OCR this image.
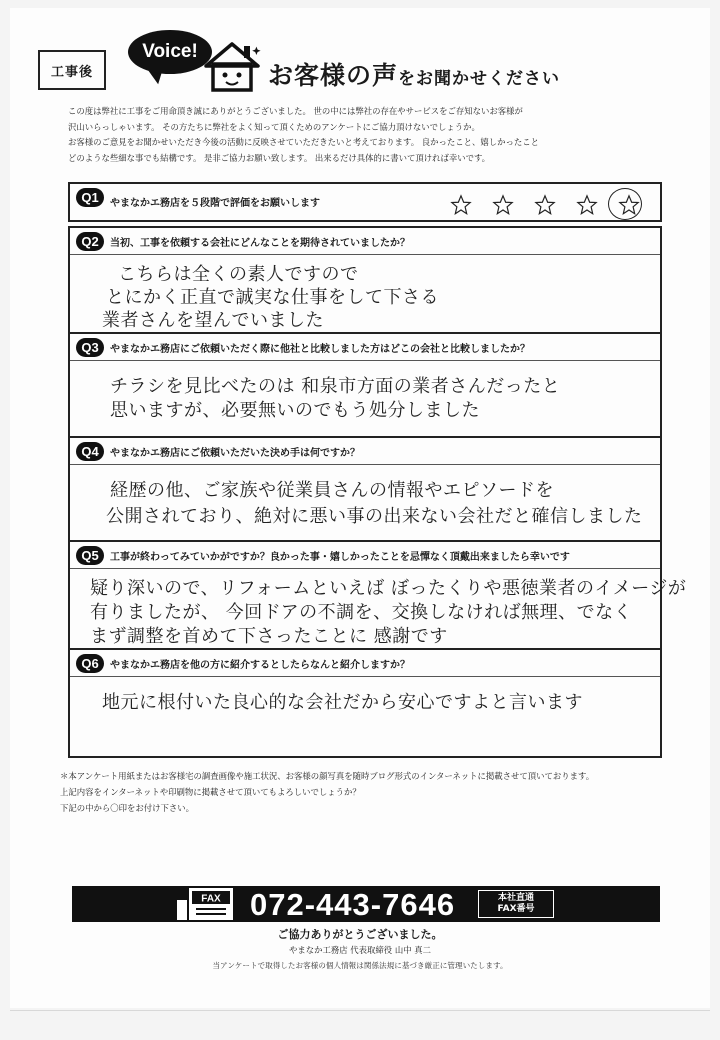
工事後
Voice!
お客様の声をお聞かせください

この度は弊社に工事をご用命頂き誠にありがとうございました。 世の中には弊社の存在やサービスをご存知ないお客様が

沢山いらっしゃいます。 その方たちに弊社をよく知って頂くためのアンケートにご協力頂けないでしょうか。

お客様のご意見をお聞かせいただき今後の活動に反映させていただきたいと考えております。 良かったこと、嬉しかったこと

どのような些細な事でも結構です。 是非ご協力お願い致します。 出来るだけ具体的に書いて頂ければ幸いです。

Q1	やまなかエ務店を５段階で評価をお願いします
Q2	当初、工事を依頼する会社にどんなことを期待されていましたか？
こちらは全くの素人ですので
とにかく正直で誠実な仕事をして下さる
業者さんを望んでいました
Q3	やまなかエ務店にご依頼いただく際に他社と比較しました方はどこの会社と比較しましたか？
チラシを見比べたのは 和泉市方面の業者さんだったと
思いますが、必要無いのでもう処分しました
Q4	やまなかエ務店にご依頼いただいた決め手は何ですか？
経歴の他、ご家族や従業員さんの情報やエピソードを
公開されており、絶対に悪い事の出来ない会社だと確信しました
Q5	工事が終わってみていかがですか？良かった事・嬉しかったことを忌憚なく頂戴出来ましたら幸いです
疑り深いので、リフォームといえば ぼったくりや悪徳業者のイメージが
有りましたが、 今回ドアの不調を、交換しなければ無理、でなく
まず調整を首めて下さったことに 感謝です
Q6	やまなかエ務店を他の方に紹介するとしたらなんと紹介しますか？
地元に根付いた良心的な会社だから安心ですよと言います

＊本アンケート用紙またはお客様宅の調査画像や施工状況、お客様の顔写真を随時ブログ形式のインターネットに掲載させて頂いております。

上記内容をインターネットや印刷物に掲載させて頂いてもよろしいでしょうか？

下記の中から〇印をお付け下さい。

FAX 072-443-7646	本社直通
FAX番号
ご協力ありがとうございました。
やまなか工務店 代表取締役 山中 真二
当アンケートで取得したお客様の個人情報は関係法規に基づき厳正に管理いたします。
